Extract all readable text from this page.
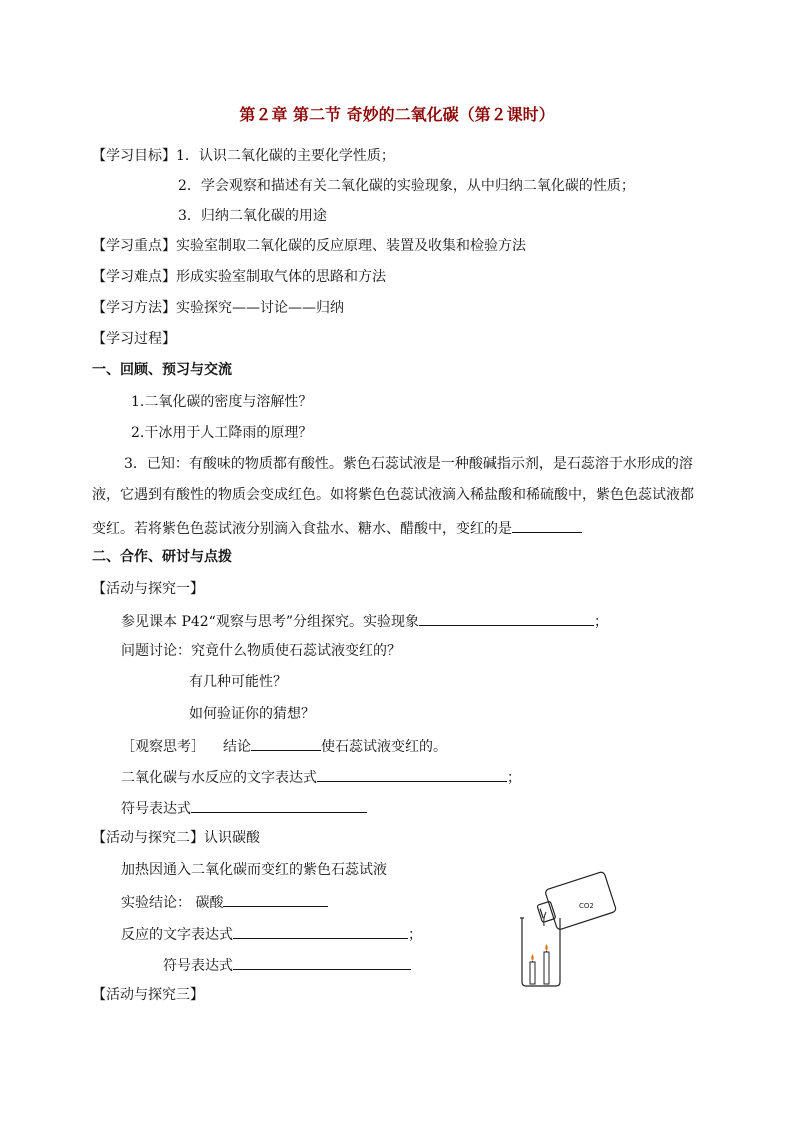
第２章 第二节 奇妙的二氧化碳（第２课时）
【学习目标】1．认识二氧化碳的主要化学性质；
2．学会观察和描述有关二氧化碳的实验现象，从中归纳二氧化碳的性质；
3．归纳二氧化碳的用途
【学习重点】实验室制取二氧化碳的反应原理、装置及收集和检验方法
【学习难点】形成实验室制取气体的思路和方法
【学习方法】实验探究——讨论——归纳
【学习过程】
一、回顾、预习与交流
1.二氧化碳的密度与溶解性？
2.干冰用于人工降雨的原理？
3．已知：有酸味的物质都有酸性。紫色石蕊试液是一种酸碱指示剂，是石蕊溶于水形成的溶
液，它遇到有酸性的物质会变成红色。如将紫色色蕊试液滴入稀盐酸和稀硫酸中，紫色色蕊试液都
变红。若将紫色色蕊试液分别滴入食盐水、糖水、醋酸中，变红的是
二、合作、研讨与点拨
【活动与探究一】
参见课本 P42“观察与思考”分组探究。实验现象	；
问题讨论：究竟什么物质使石蕊试液变红的？
有几种可能性？
如何验证你的猜想？
［观察思考］ 结论	使石蕊试液变红的。
二氧化碳与水反应的文字表达式	；
符号表达式
【活动与探究二】认识碳酸
加热因通入二氧化碳而变红的紫色石蕊试液
实验结论： 碳酸
反应的文字表达式	；
符号表达式
【活动与探究三】
CO2
